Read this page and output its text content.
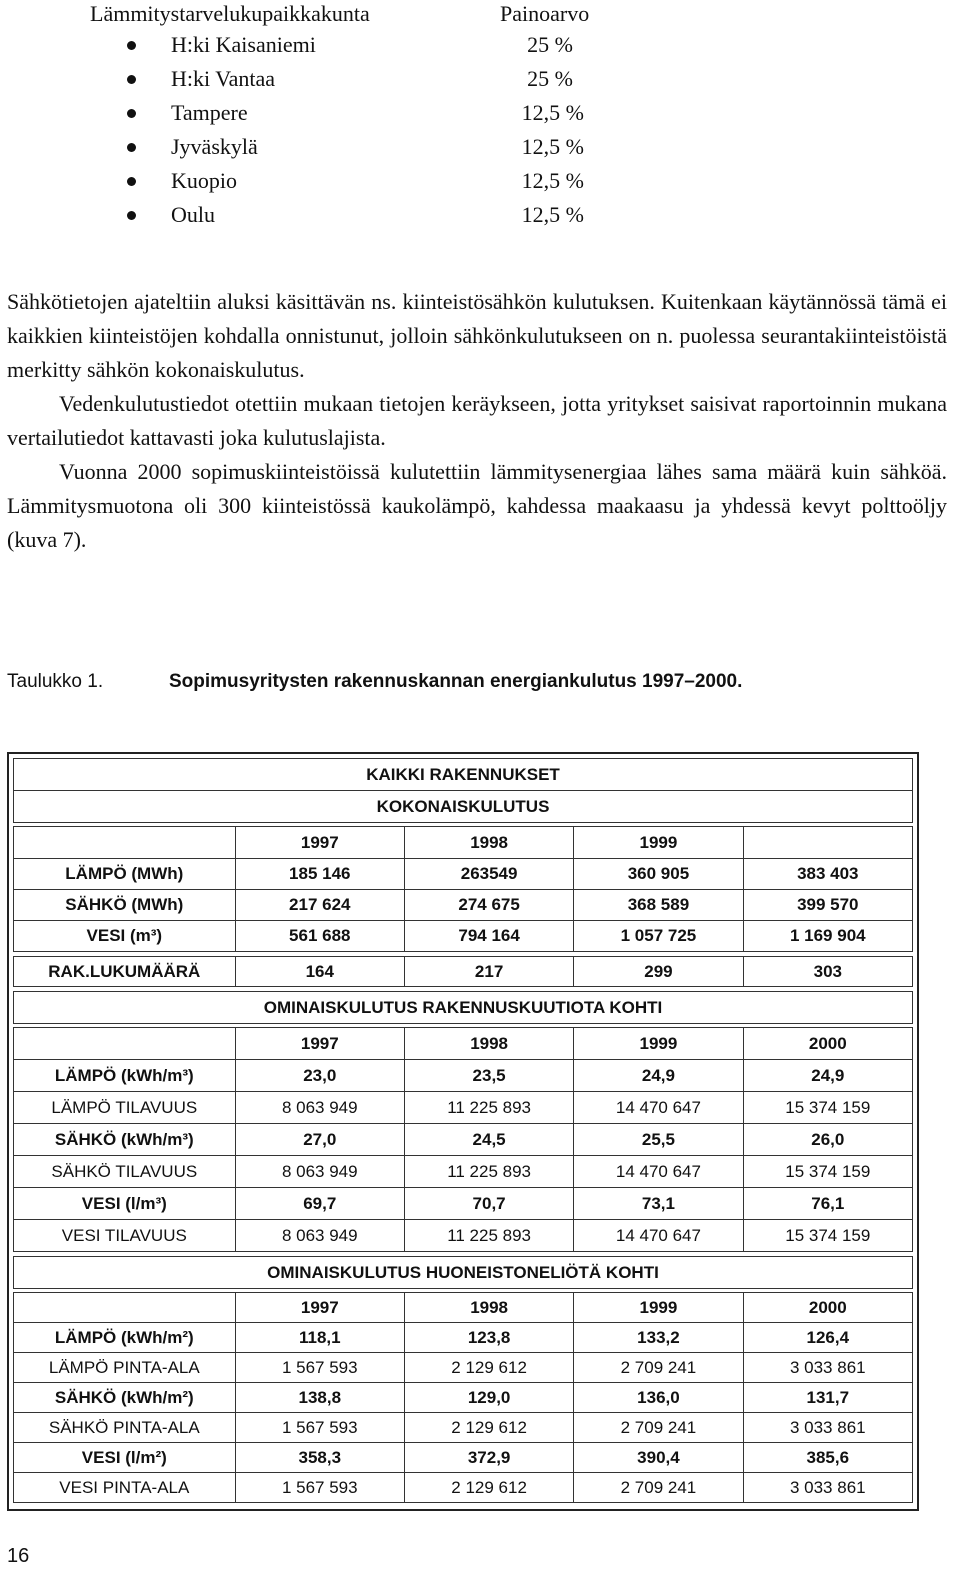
Lämmitystarvelukupaikkakunta	Painoarvo
H:ki Kaisaniemi	25 %
H:ki Vantaa	25 %
Tampere	12,5 %
Jyväskylä	12,5 %
Kuopio	12,5 %
Oulu	12,5 %

Sähkötietojen ajateltiin aluksi käsittävän ns. kiinteistösähkön kulutuksen. Kuitenkaan käytännössä tämä ei kaikkien kiinteistöjen kohdalla onnistunut, jolloin sähkönkulutukseen on n. puolessa seurantakiinteistöistä merkitty sähkön kokonaiskulutus.

Vedenkulutustiedot otettiin mukaan tietojen keräykseen, jotta yritykset saisivat raportoinnin mukana vertailutiedot kattavasti joka kulutuslajista.

Vuonna 2000 sopimuskiinteistöissä kulutettiin lämmitysenergiaa lähes sama määrä kuin sähköä. Lämmitysmuotona oli 300 kiinteistössä kaukolämpö, kahdessa maakaasu ja yhdessä kevyt polttoöljy (kuva 7).

Taulukko 1.	Sopimusyritysten rakennuskannan energiankulutus 1997–2000.
KAIKKI RAKENNUKSET				
KOKONAISKULUTUS				

	1997	1998	1999	
LÄMPÖ (MWh)	185 146	263549	360 905	383 403
SÄHKÖ (MWh)	217 624	274 675	368 589	399 570
VESI (m³)	561 688	794 164	1 057 725	1 169 904

RAK.LUKUMÄÄRÄ	164	217	299	303

OMINAISKULUTUS RAKENNUSKUUTIOTA KOHTI				

	1997	1998	1999	2000
LÄMPÖ (kWh/m³)	23,0	23,5	24,9	24,9
LÄMPÖ TILAVUUS	8 063 949	11 225 893	14 470 647	15 374 159
SÄHKÖ (kWh/m³)	27,0	24,5	25,5	26,0
SÄHKÖ TILAVUUS	8 063 949	11 225 893	14 470 647	15 374 159
VESI (l/m³)	69,7	70,7	73,1	76,1
VESI TILAVUUS	8 063 949	11 225 893	14 470 647	15 374 159

OMINAISKULUTUS HUONEISTONELIÖTÄ KOHTI				

	1997	1998	1999	2000
LÄMPÖ (kWh/m²)	118,1	123,8	133,2	126,4
LÄMPÖ PINTA-ALA	1 567 593	2 129 612	2 709 241	3 033 861
SÄHKÖ (kWh/m²)	138,8	129,0	136,0	131,7
SÄHKÖ PINTA-ALA	1 567 593	2 129 612	2 709 241	3 033 861
VESI (l/m²)	358,3	372,9	390,4	385,6
VESI PINTA-ALA	1 567 593	2 129 612	2 709 241	3 033 861
16
